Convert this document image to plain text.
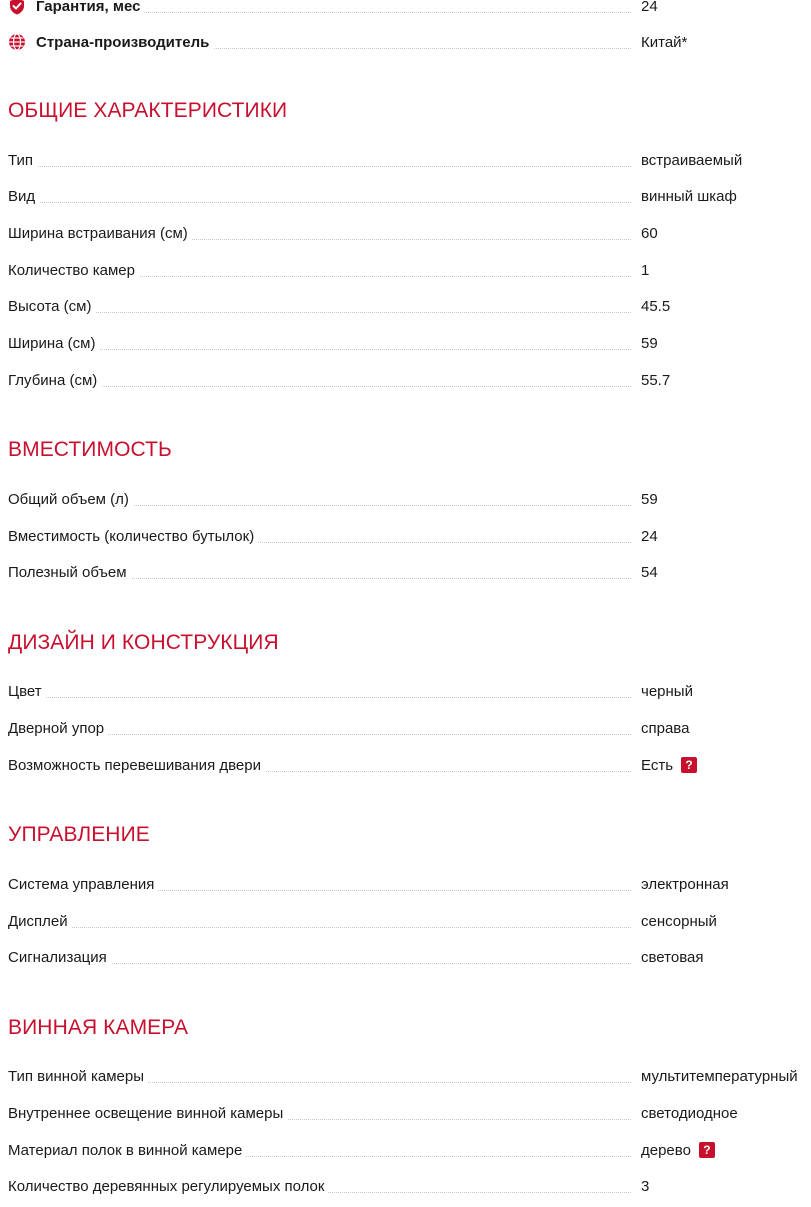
Гарантия, мес	24
Страна-производитель	Китай*
ОБЩИЕ ХАРАКТЕРИСТИКИ
Тип	встраиваемый
Вид	винный шкаф
Ширина встраивания (см)	60
Количество камер	1
Высота (см)	45.5
Ширина (см)	59
Глубина (см)	55.7
ВМЕСТИМОСТЬ
Общий объем (л)	59
Вместимость (количество бутылок)	24
Полезный объем	54
ДИЗАЙН И КОНСТРУКЦИЯ
Цвет	черный
Дверной упор	справа
Возможность перевешивания двери	Есть ?
УПРАВЛЕНИЕ
Система управления	электронная
Дисплей	сенсорный
Сигнализация	световая
ВИННАЯ КАМЕРА
Тип винной камеры	мультитемпературный
Внутреннее освещение винной камеры	светодиодное
Материал полок в винной камере	дерево ?
Количество деревянных регулируемых полок	3
